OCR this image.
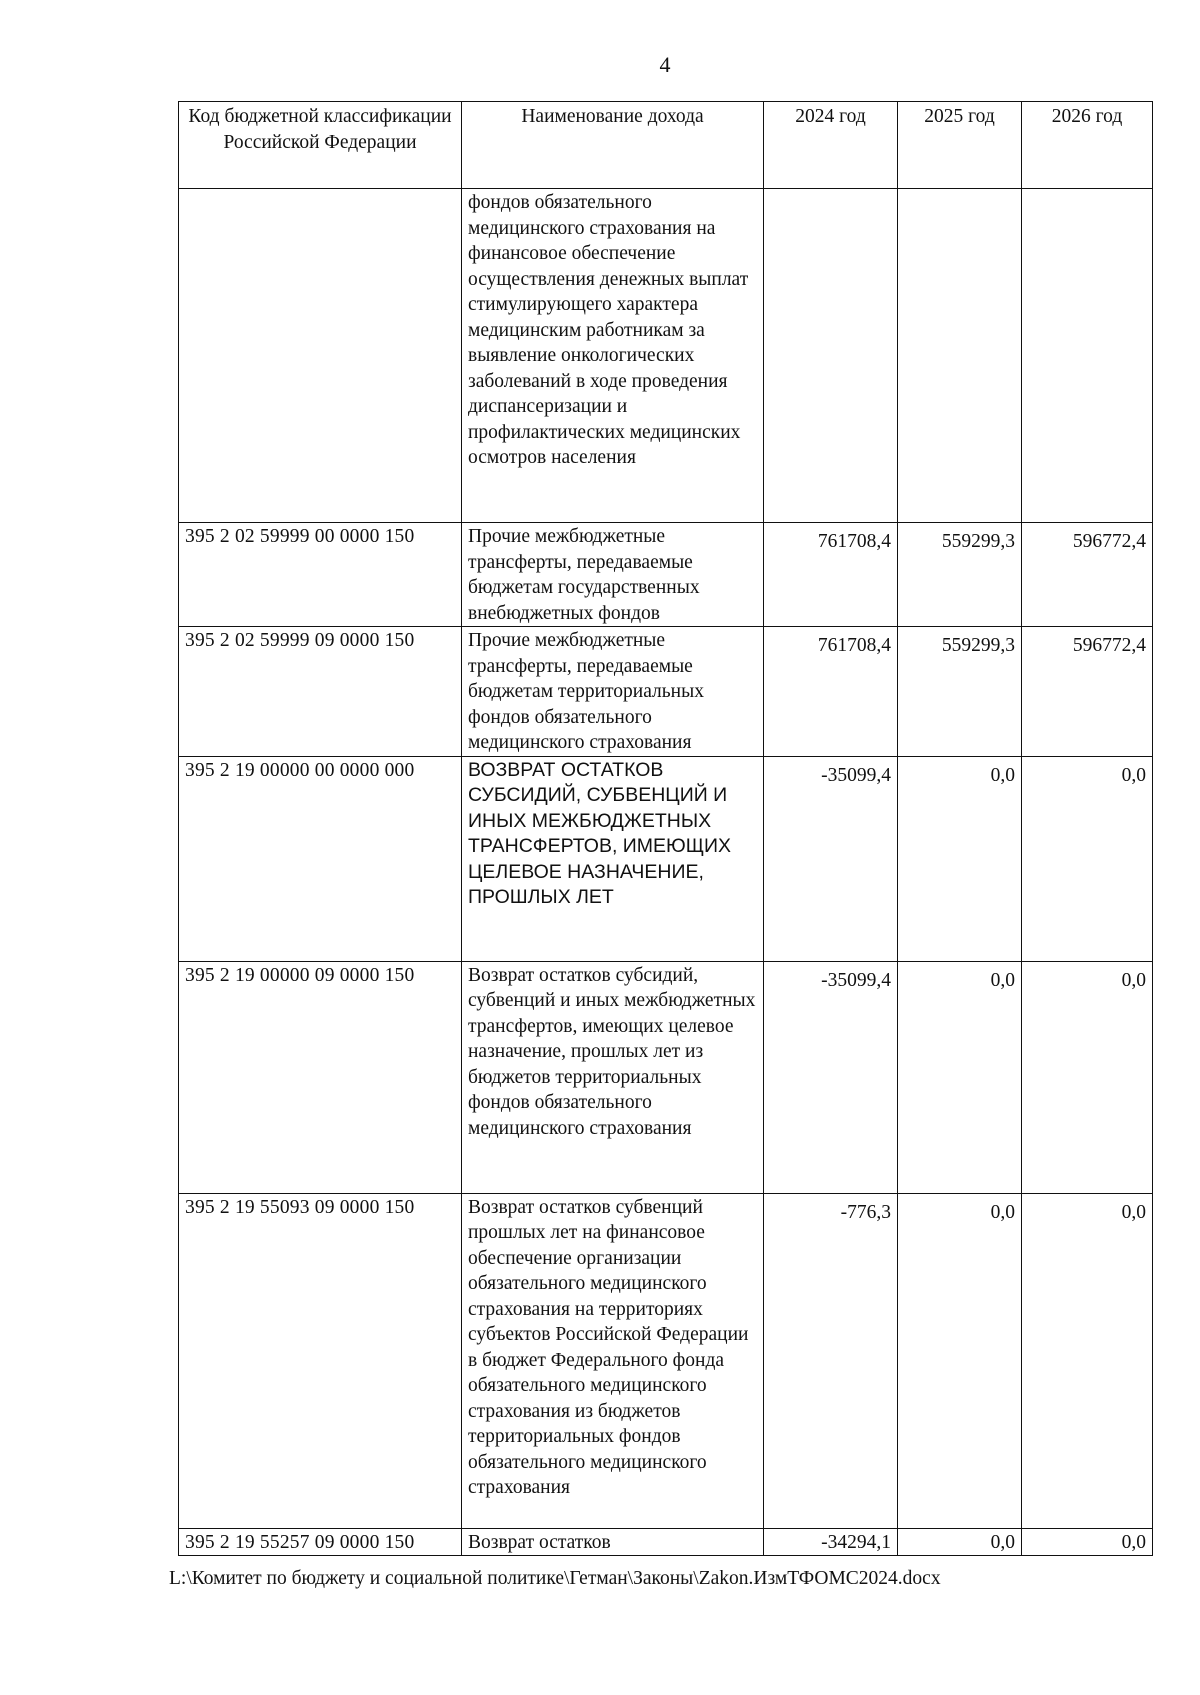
4
Код бюджетной классификации Российской Федерации	Наименование дохода	2024 год	2025 год	2026 год
	фондов обязательного медицинского страхования на финансовое обеспечение осуществления денежных выплат стимулирующего характера медицинским работникам за выявление онкологических заболеваний в ходе проведения диспансеризации и профилактических медицинских осмотров населения			
395 2 02 59999 00 0000 150	Прочие межбюджетные трансферты, передаваемые бюджетам государственных внебюджетных фондов	761708,4	559299,3	596772,4
395 2 02 59999 09 0000 150	Прочие межбюджетные трансферты, передаваемые бюджетам территориальных фондов обязательного медицинского страхования	761708,4	559299,3	596772,4
395 2 19 00000 00 0000 000	ВОЗВРАТ ОСТАТКОВ СУБСИДИЙ, СУБВЕНЦИЙ И ИНЫХ МЕЖБЮДЖЕТНЫХ ТРАНСФЕРТОВ, ИМЕЮЩИХ ЦЕЛЕВОЕ НАЗНАЧЕНИЕ, ПРОШЛЫХ ЛЕТ	-35099,4	0,0	0,0
395 2 19 00000 09 0000 150	Возврат остатков субсидий, субвенций и иных межбюджетных трансфертов, имеющих целевое назначение, прошлых лет из бюджетов территориальных фондов обязательного медицинского страхования	-35099,4	0,0	0,0
395 2 19 55093 09 0000 150	Возврат остатков субвенций прошлых лет на финансовое обеспечение организации обязательного медицинского страхования на территориях субъектов Российской Федерации в бюджет Федерального фонда обязательного медицинского страхования из бюджетов территориальных фондов обязательного медицинского страхования	-776,3	0,0	0,0
395 2 19 55257 09 0000 150	Возврат остатков	-34294,1	0,0	0,0
L:\Комитет по бюджету и социальной политике\Гетман\Законы\Zakon.ИзмТФОМС2024.docx
